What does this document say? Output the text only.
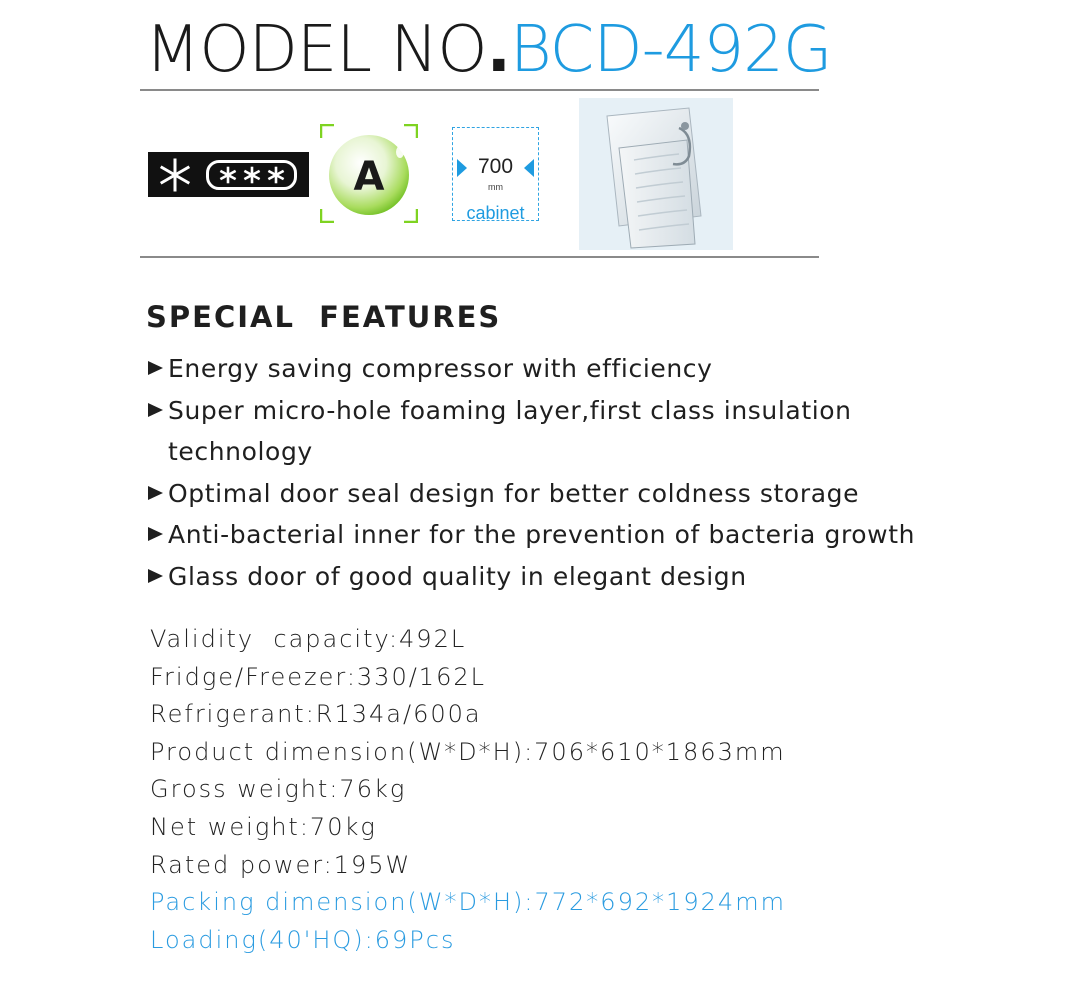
MODEL NO.BCD-492G
A	700
mm
cabinet
SPECIAL  FEATURES
Energy saving compressor with efficiency
Super micro-hole foaming layer,first class insulation
technology
Optimal door seal design for better coldness storage
Anti-bacterial inner for the prevention of bacteria growth
Glass door of good quality in elegant design
Validity  capacity:492L
Fridge/Freezer:330/162L
Refrigerant:R134a/600a
Product dimension(W*D*H):706*610*1863mm
Gross weight:76kg
Net weight:70kg
Rated power:195W
Packing dimension(W*D*H):772*692*1924mm
Loading(40'HQ):69Pcs
